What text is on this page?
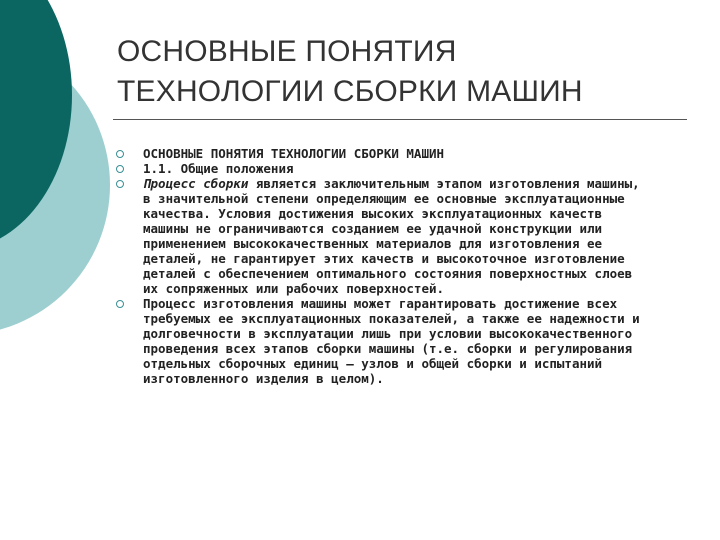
ОСНОВНЫЕ ПОНЯТИЯ
ТЕХНОЛОГИИ СБОРКИ МАШИН
ОСНОВНЫЕ ПОНЯТИЯ ТЕХНОЛОГИИ СБОРКИ МАШИН
1.1. Общие положения
Процесс сборки является заключительным этапом изготовления машины, в значительной степени определяющим ее основные эксплуатационные качества. Условия достижения высоких эксплуатационных качеств машины не ограничиваются созданием ее удачной конструкции или применением высококачественных материалов для изготовления ее деталей, не гарантирует этих качеств и высокоточное изготовление деталей с обеспечением оптимального состояния поверхностных слоев их сопряженных или рабочих поверхностей.
Процесс изготовления машины может гарантировать достижение всех требуемых ее эксплуатационных показателей, а также ее надежности и долговечности в эксплуатации лишь при условии высококачественного проведения всех этапов сборки машины (т.е. сборки и регулирования отдельных сборочных единиц – узлов и общей сборки и испытаний изготовленного изделия в целом).
